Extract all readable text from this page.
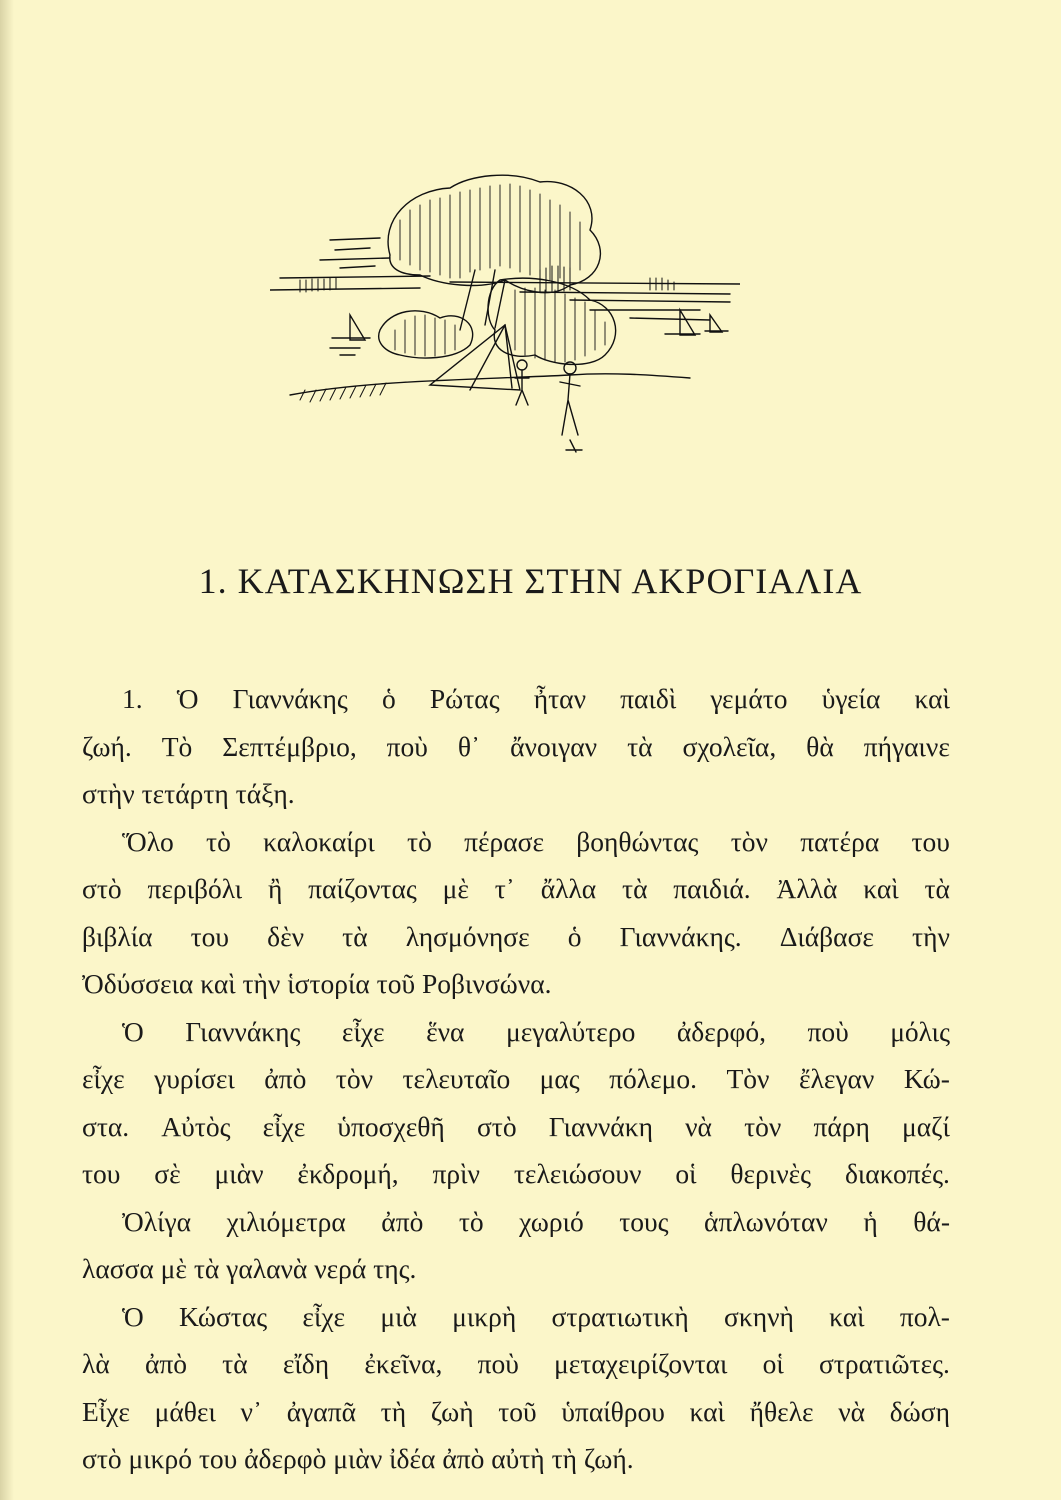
1. ΚΑΤΑΣΚΗΝΩΣΗ ΣΤΗΝ ΑΚΡΟΓΙΑΛΙΑ
1. Ὁ Γιαννάκης ὁ Ρώτας ἦταν παιδὶ γεμάτο ὑγεία καὶ
ζωή. Τὸ Σεπτέμβριο, ποὺ θ᾽ ἄνοιγαν τὰ σχολεῖα, θὰ πήγαινε
στὴν τετάρτη τάξη.
Ὅλο τὸ καλοκαίρι τὸ πέρασε βοηθώντας τὸν πατέρα του
στὸ περιβόλι ἢ παίζοντας μὲ τ᾽ ἄλλα τὰ παιδιά. Ἀλλὰ καὶ τὰ
βιβλία του δὲν τὰ λησμόνησε ὁ Γιαννάκης. Διάβασε τὴν
Ὀδύσσεια καὶ τὴν ἱστορία τοῦ Ροβινσώνα.
Ὁ Γιαννάκης εἶχε ἕνα μεγαλύτερο ἀδερφό, ποὺ μόλις
εἶχε γυρίσει ἀπὸ τὸν τελευταῖο μας πόλεμο. Τὸν ἔλεγαν Κώ-
στα. Αὐτὸς εἶχε ὑποσχεθῆ στὸ Γιαννάκη νὰ τὸν πάρη μαζί
του σὲ μιὰν ἐκδρομή, πρὶν τελειώσουν οἱ θερινὲς διακοπές.
Ὀλίγα χιλιόμετρα ἀπὸ τὸ χωριό τους ἁπλωνόταν ἡ θά-
λασσα μὲ τὰ γαλανὰ νερά της.
Ὁ Κώστας εἶχε μιὰ μικρὴ στρατιωτικὴ σκηνὴ καὶ πολ-
λὰ ἀπὸ τὰ εἴδη ἐκεῖνα, ποὺ μεταχειρίζονται οἱ στρατιῶτες.
Εἶχε μάθει ν᾽ ἀγαπᾶ τὴ ζωὴ τοῦ ὑπαίθρου καὶ ἤθελε νὰ δώση
στὸ μικρό του ἀδερφὸ μιὰν ἰδέα ἀπὸ αὐτὴ τὴ ζωή.
